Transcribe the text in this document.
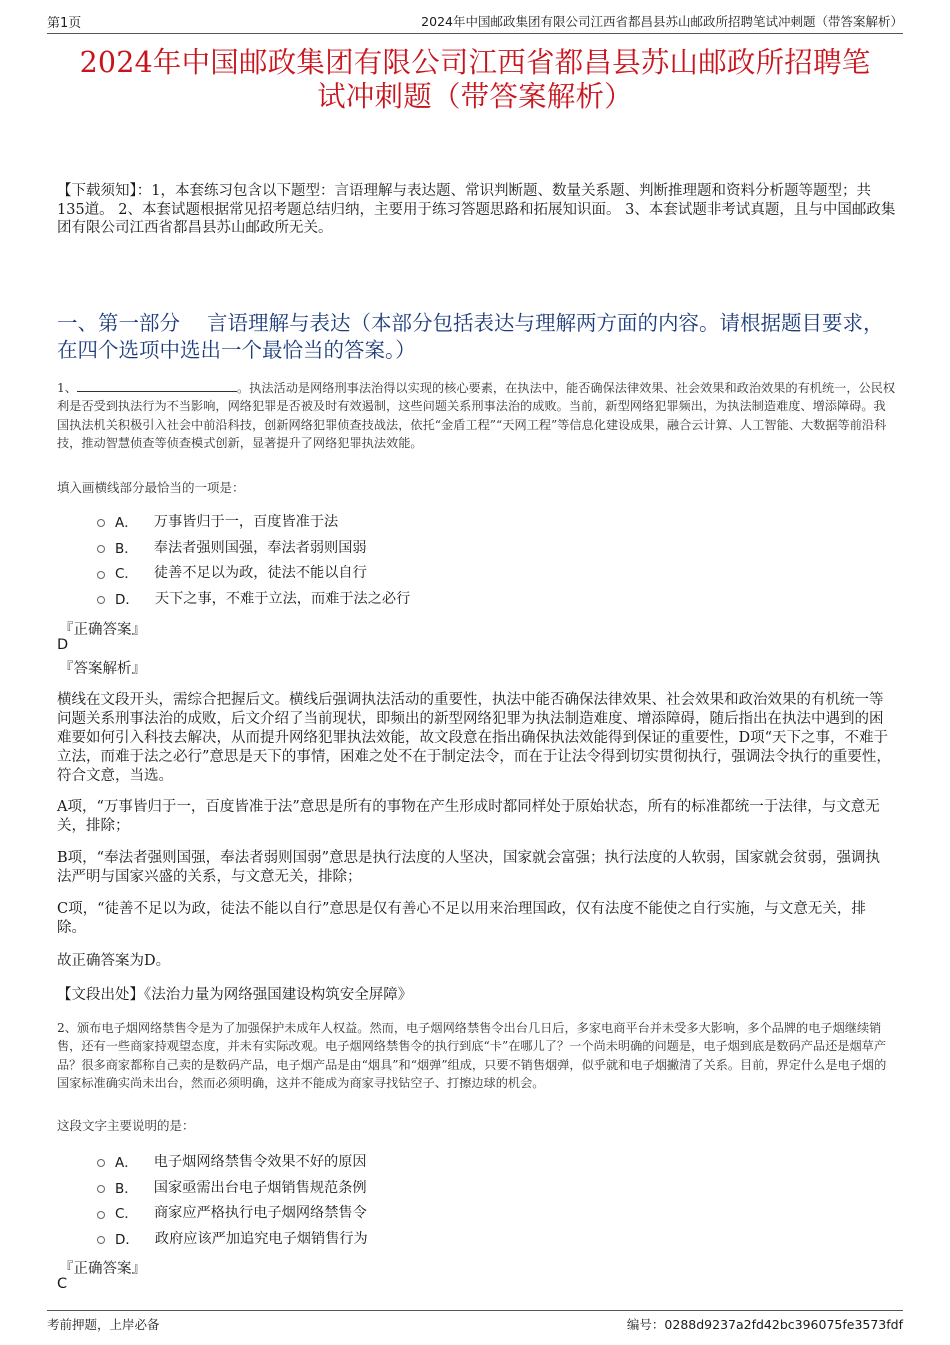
第1页	2024年中国邮政集团有限公司江西省都昌县苏山邮政所招聘笔试冲刺题（带答案解析）
2024年中国邮政集团有限公司江西省都昌县苏山邮政所招聘笔
试冲刺题（带答案解析）
【下载须知】：1，本套练习包含以下题型：言语理解与表达题、常识判断题、数量关系题、判断推理题和资料分析题等题型；共135道。 2、本套试题根据常见招考题总结归纳，主要用于练习答题思路和拓展知识面。 3、本套试题非考试真题，且与中国邮政集团有限公司江西省都昌县苏山邮政所无关。
一、第一部分　 言语理解与表达（本部分包括表达与理解两方面的内容。请根据题目要求，在四个选项中选出一个最恰当的答案。）
1、	。执法活动是网络刑事法治得以实现的核心要素，在执法中，能否确保法律效果、社会效果和政治效果的有机统一，公民权利是否受到执法行为不当影响，网络犯罪是否被及时有效遏制，这些问题关系刑事法治的成败。当前，新型网络犯罪频出，为执法制造难度、增添障碍。我国执法机关积极引入社会中前沿科技，创新网络犯罪侦查技战法，依托“金盾工程”“天网工程”等信息化建设成果，融合云计算、人工智能、大数据等前沿科技，推动智慧侦查等侦查模式创新，显著提升了网络犯罪执法效能。
填入画横线部分最恰当的一项是：
A． 万事皆归于一，百度皆准于法
B． 奉法者强则国强，奉法者弱则国弱
C． 徒善不足以为政，徒法不能以自行
D． 天下之事，不难于立法，而难于法之必行
『正确答案』
D
『答案解析』
横线在文段开头，需综合把握后文。横线后强调执法活动的重要性，执法中能否确保法律效果、社会效果和政治效果的有机统一等问题关系刑事法治的成败，后文介绍了当前现状，即频出的新型网络犯罪为执法制造难度、增添障碍，随后指出在执法中遇到的困难要如何引入科技去解决，从而提升网络犯罪执法效能，故文段意在指出确保执法效能得到保证的重要性，D项“天下之事，不难于立法，而难于法之必行”意思是天下的事情，困难之处不在于制定法令，而在于让法令得到切实贯彻执行，强调法令执行的重要性，符合文意，当选。
A项，“万事皆归于一，百度皆准于法”意思是所有的事物在产生形成时都同样处于原始状态，所有的标准都统一于法律，与文意无关，排除；
B项，“奉法者强则国强，奉法者弱则国弱”意思是执行法度的人坚决，国家就会富强；执行法度的人软弱，国家就会贫弱，强调执法严明与国家兴盛的关系，与文意无关，排除；
C项，“徒善不足以为政，徒法不能以自行”意思是仅有善心不足以用来治理国政，仅有法度不能使之自行实施，与文意无关，排除。
故正确答案为D。
【文段出处】《法治力量为网络强国建设构筑安全屏障》
2、颁布电子烟网络禁售令是为了加强保护未成年人权益。然而，电子烟网络禁售令出台几日后，多家电商平台并未受多大影响，多个品牌的电子烟继续销售，还有一些商家持观望态度，并未有实际改观。电子烟网络禁售令的执行到底“卡”在哪儿了？一个尚未明确的问题是，电子烟到底是数码产品还是烟草产品？很多商家都称自己卖的是数码产品，电子烟产品是由“烟具”和“烟弹”组成，只要不销售烟弹，似乎就和电子烟撇清了关系。目前，界定什么是电子烟的国家标准确实尚未出台，然而必须明确，这并不能成为商家寻找钻空子、打擦边球的机会。
这段文字主要说明的是：
A． 电子烟网络禁售令效果不好的原因
B． 国家亟需出台电子烟销售规范条例
C． 商家应严格执行电子烟网络禁售令
D． 政府应该严加追究电子烟销售行为
『正确答案』
C
考前押题，上岸必备	编号：0288d9237a2fd42bc396075fe3573fdf
